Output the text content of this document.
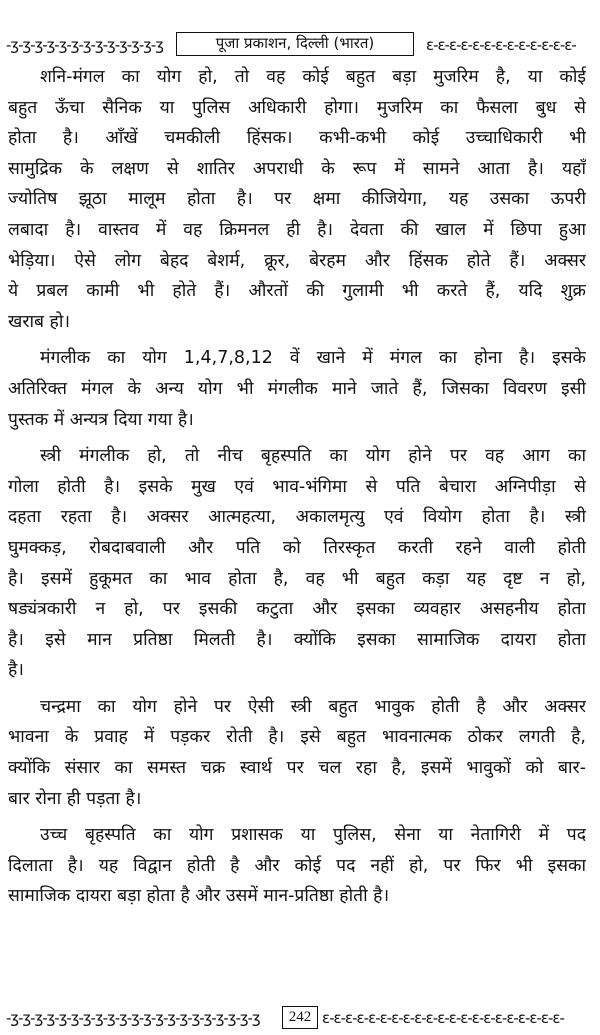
-ʒ-ʒ-ʒ-ʒ-ʒ-ʒ-ʒ-ʒ-ʒ-ʒ-ʒ-ʒ-ʒ	पूजा प्रकाशन, दिल्ली (भारत)	ɛ-ɛ-ɛ-ɛ-ɛ-ɛ-ɛ-ɛ-ɛ-ɛ-ɛ-ɛ-ɛ-
शनि-मंगल का योग हो, तो वह कोई बहुत बड़ा मुजरिम है, या कोई
बहुत ऊँचा सैनिक या पुलिस अधिकारी होगा। मुजरिम का फैसला बुध से
होता है। आँखें चमकीली हिंसक। कभी-कभी कोई उच्चाधिकारी भी
सामुद्रिक के लक्षण से शातिर अपराधी के रूप में सामने आता है। यहाँ
ज्योतिष झूठा मालूम होता है। पर क्षमा कीजियेगा, यह उसका ऊपरी
लबादा है। वास्तव में वह क्रिमनल ही है। देवता की खाल में छिपा हुआ
भेड़िया। ऐसे लोग बेहद बेशर्म, क्रूर, बेरहम और हिंसक होते हैं। अक्सर
ये प्रबल कामी भी होते हैं। औरतों की गुलामी भी करते हैं, यदि शुक्र
खराब हो।
मंगलीक का योग 1,4,7,8,12 वें खाने में मंगल का होना है। इसके
अतिरिक्त मंगल के अन्य योग भी मंगलीक माने जाते हैं, जिसका विवरण इसी
पुस्तक में अन्यत्र दिया गया है।
स्त्री मंगलीक हो, तो नीच बृहस्पति का योग होने पर वह आग का
गोला होती है। इसके मुख एवं भाव-भंगिमा से पति बेचारा अग्निपीड़ा से
दहता रहता है। अक्सर आत्महत्या, अकालमृत्यु एवं वियोग होता है। स्त्री
घुमक्कड़, रोबदाबवाली और पति को तिरस्कृत करती रहने वाली होती
है। इसमें हुकूमत का भाव होता है, वह भी बहुत कड़ा यह दृष्ट न हो,
षड्यंत्रकारी न हो, पर इसकी कटुता और इसका व्यवहार असहनीय होता
है। इसे मान प्रतिष्ठा मिलती है। क्योंकि इसका सामाजिक दायरा होता
है।
चन्द्रमा का योग होने पर ऐसी स्त्री बहुत भावुक होती है और अक्सर
भावना के प्रवाह में पड़कर रोती है। इसे बहुत भावनात्मक ठोकर लगती है,
क्योंकि संसार का समस्त चक्र स्वार्थ पर चल रहा है, इसमें भावुकों को बार-
बार रोना ही पड़ता है।
उच्च बृहस्पति का योग प्रशासक या पुलिस, सेना या नेतागिरी में पद
दिलाता है। यह विद्वान होती है और कोई पद नहीं हो, पर फिर भी इसका
सामाजिक दायरा बड़ा होता है और उसमें मान-प्रतिष्ठा होती है।
-ʒ-ʒ-ʒ-ʒ-ʒ-ʒ-ʒ-ʒ-ʒ-ʒ-ʒ-ʒ-ʒ-ʒ-ʒ-ʒ-ʒ-ʒ-ʒ-ʒ-ʒ	242 ɛ-ɛ-ɛ-ɛ-ɛ-ɛ-ɛ-ɛ-ɛ-ɛ-ɛ-ɛ-ɛ-ɛ-ɛ-ɛ-ɛ-ɛ-ɛ-ɛ-ɛ-
